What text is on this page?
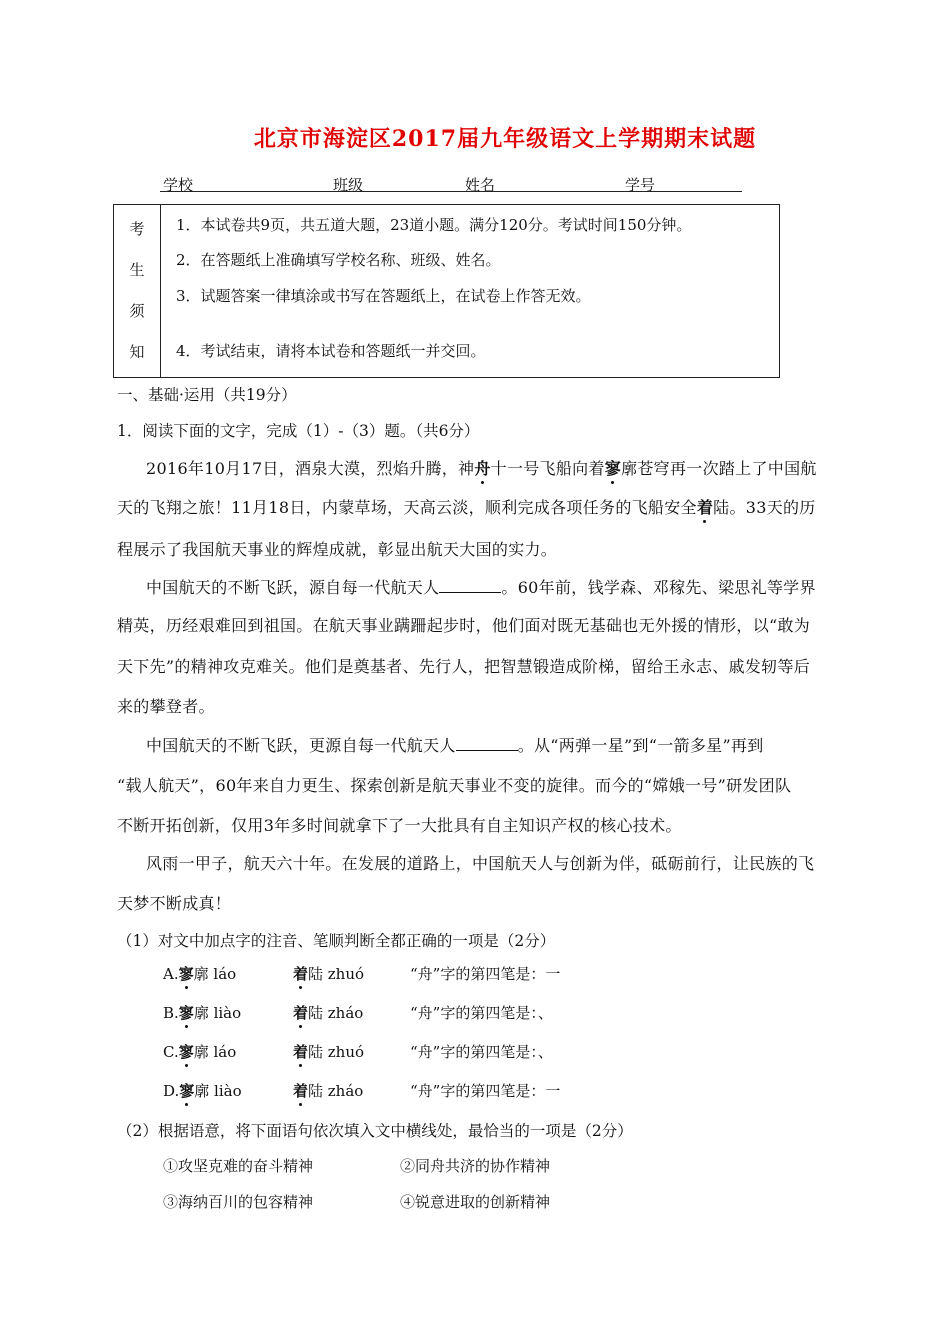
北京市海淀区2017届九年级语文上学期期末试题
学校	班级	姓名	学号
考
生
须
知
1．本试卷共9页，共五道大题，23道小题。满分120分。考试时间150分钟。
2．在答题纸上准确填写学校名称、班级、姓名。
3．试题答案一律填涂或书写在答题纸上，在试卷上作答无效。
4．考试结束，请将本试卷和答题纸一并交回。
一、基础·运用（共19分）
1．阅读下面的文字，完成（1）-（3）题。（共6分）
2016年10月17日，酒泉大漠，烈焰升腾，神舟十一号飞船向着寥廓苍穹再一次踏上了中国航
天的飞翔之旅！11月18日，内蒙草场，天高云淡，顺利完成各项任务的飞船安全着陆。33天的历
程展示了我国航天事业的辉煌成就，彰显出航天大国的实力。
中国航天的不断飞跃，源自每一代航天人	。60年前，钱学森、邓稼先、梁思礼等学界
精英，历经艰难回到祖国。在航天事业蹒跚起步时，他们面对既无基础也无外援的情形，以“敢为
天下先”的精神攻克难关。他们是奠基者、先行人，把智慧锻造成阶梯，留给王永志、戚发轫等后
来的攀登者。
中国航天的不断飞跃，更源自每一代航天人	。从“两弹一星”到“一箭多星”再到
“载人航天”，60年来自力更生、探索创新是航天事业不变的旋律。而今的“嫦娥一号”研发团队
不断开拓创新，仅用3年多时间就拿下了一大批具有自主知识产权的核心技术。
风雨一甲子，航天六十年。在发展的道路上，中国航天人与创新为伴，砥砺前行，让民族的飞
天梦不断成真！
（1）对文中加点字的注音、笔顺判断全都正确的一项是（2分）
A.寥廓 láo	着陆 zhuó	“舟”字的第四笔是：一
B.寥廓 liào	着陆 zháo	“舟”字的第四笔是：、
C.寥廓 láo	着陆 zhuó	“舟”字的第四笔是：、
D.寥廓 liào	着陆 zháo	“舟”字的第四笔是：一
（2）根据语意，将下面语句依次填入文中横线处，最恰当的一项是（2分）
①攻坚克难的奋斗精神	②同舟共济的协作精神
③海纳百川的包容精神	④锐意进取的创新精神
